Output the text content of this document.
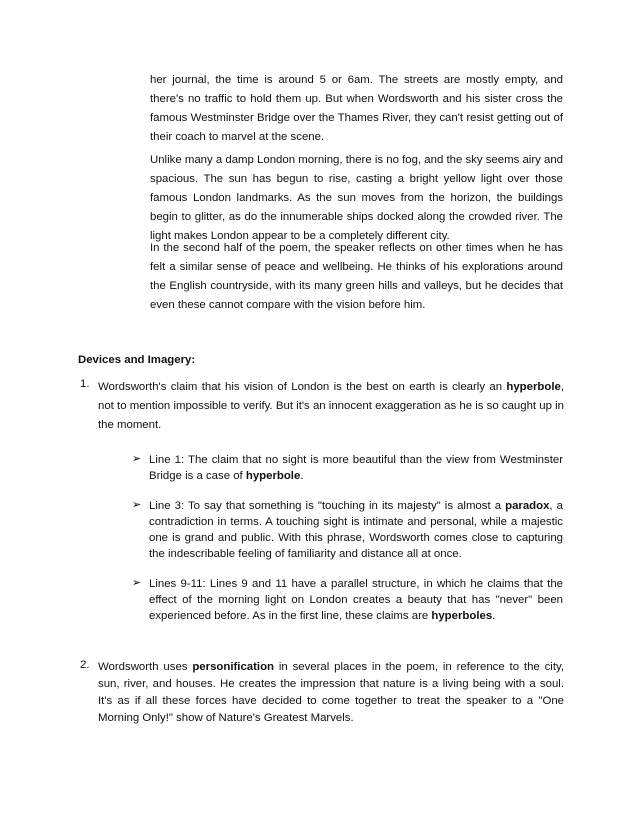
her journal, the time is around 5 or 6am. The streets are mostly empty, and there's no traffic to hold them up. But when Wordsworth and his sister cross the famous Westminster Bridge over the Thames River, they can't resist getting out of their coach to marvel at the scene.

Unlike many a damp London morning, there is no fog, and the sky seems airy and spacious. The sun has begun to rise, casting a bright yellow light over those famous London landmarks. As the sun moves from the horizon, the buildings begin to glitter, as do the innumerable ships docked along the crowded river. The light makes London appear to be a completely different city.

In the second half of the poem, the speaker reflects on other times when he has felt a similar sense of peace and wellbeing. He thinks of his explorations around the English countryside, with its many green hills and valleys, but he decides that even these cannot compare with the vision before him.

Devices and Imagery:

1. Wordsworth's claim that his vision of London is the best on earth is clearly an hyperbole, not to mention impossible to verify. But it's an innocent exaggeration as he is so caught up in the moment.

➢ Line 1: The claim that no sight is more beautiful than the view from Westminster Bridge is a case of hyperbole.

➢ Line 3: To say that something is "touching in its majesty" is almost a paradox, a contradiction in terms. A touching sight is intimate and personal, while a majestic one is grand and public. With this phrase, Wordsworth comes close to capturing the indescribable feeling of familiarity and distance all at once.

➢ Lines 9-11: Lines 9 and 11 have a parallel structure, in which he claims that the effect of the morning light on London creates a beauty that has "never" been experienced before. As in the first line, these claims are hyperboles.

2. Wordsworth uses personification in several places in the poem, in reference to the city, sun, river, and houses. He creates the impression that nature is a living being with a soul. It's as if all these forces have decided to come together to treat the speaker to a "One Morning Only!" show of Nature's Greatest Marvels.
